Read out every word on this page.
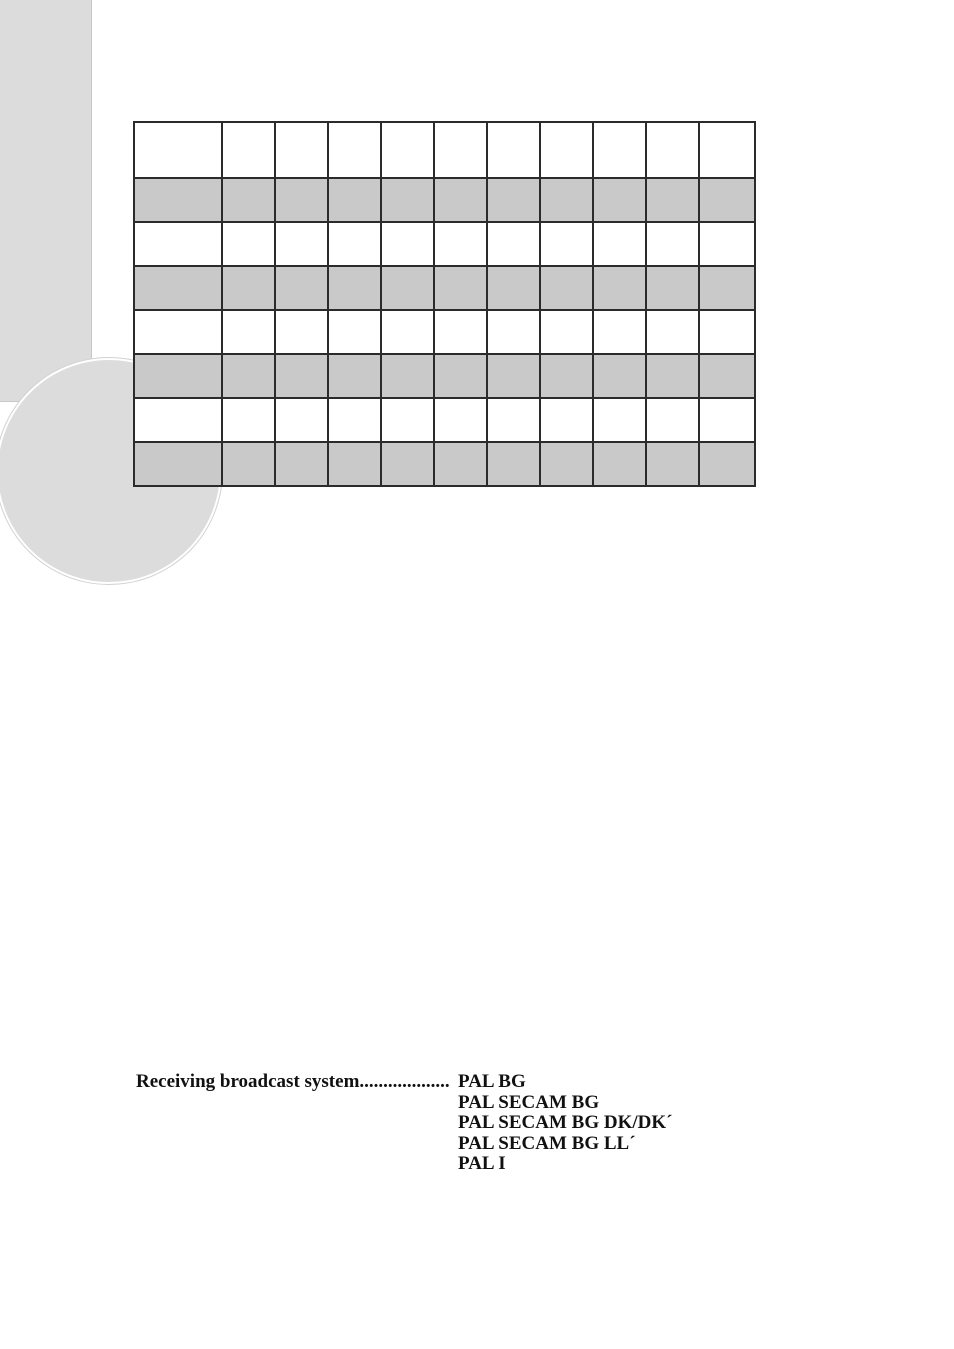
Receiving broadcast system................... PAL BG
PAL SECAM BG
PAL SECAM BG DK/DK´
PAL SECAM BG LL´
PAL I
